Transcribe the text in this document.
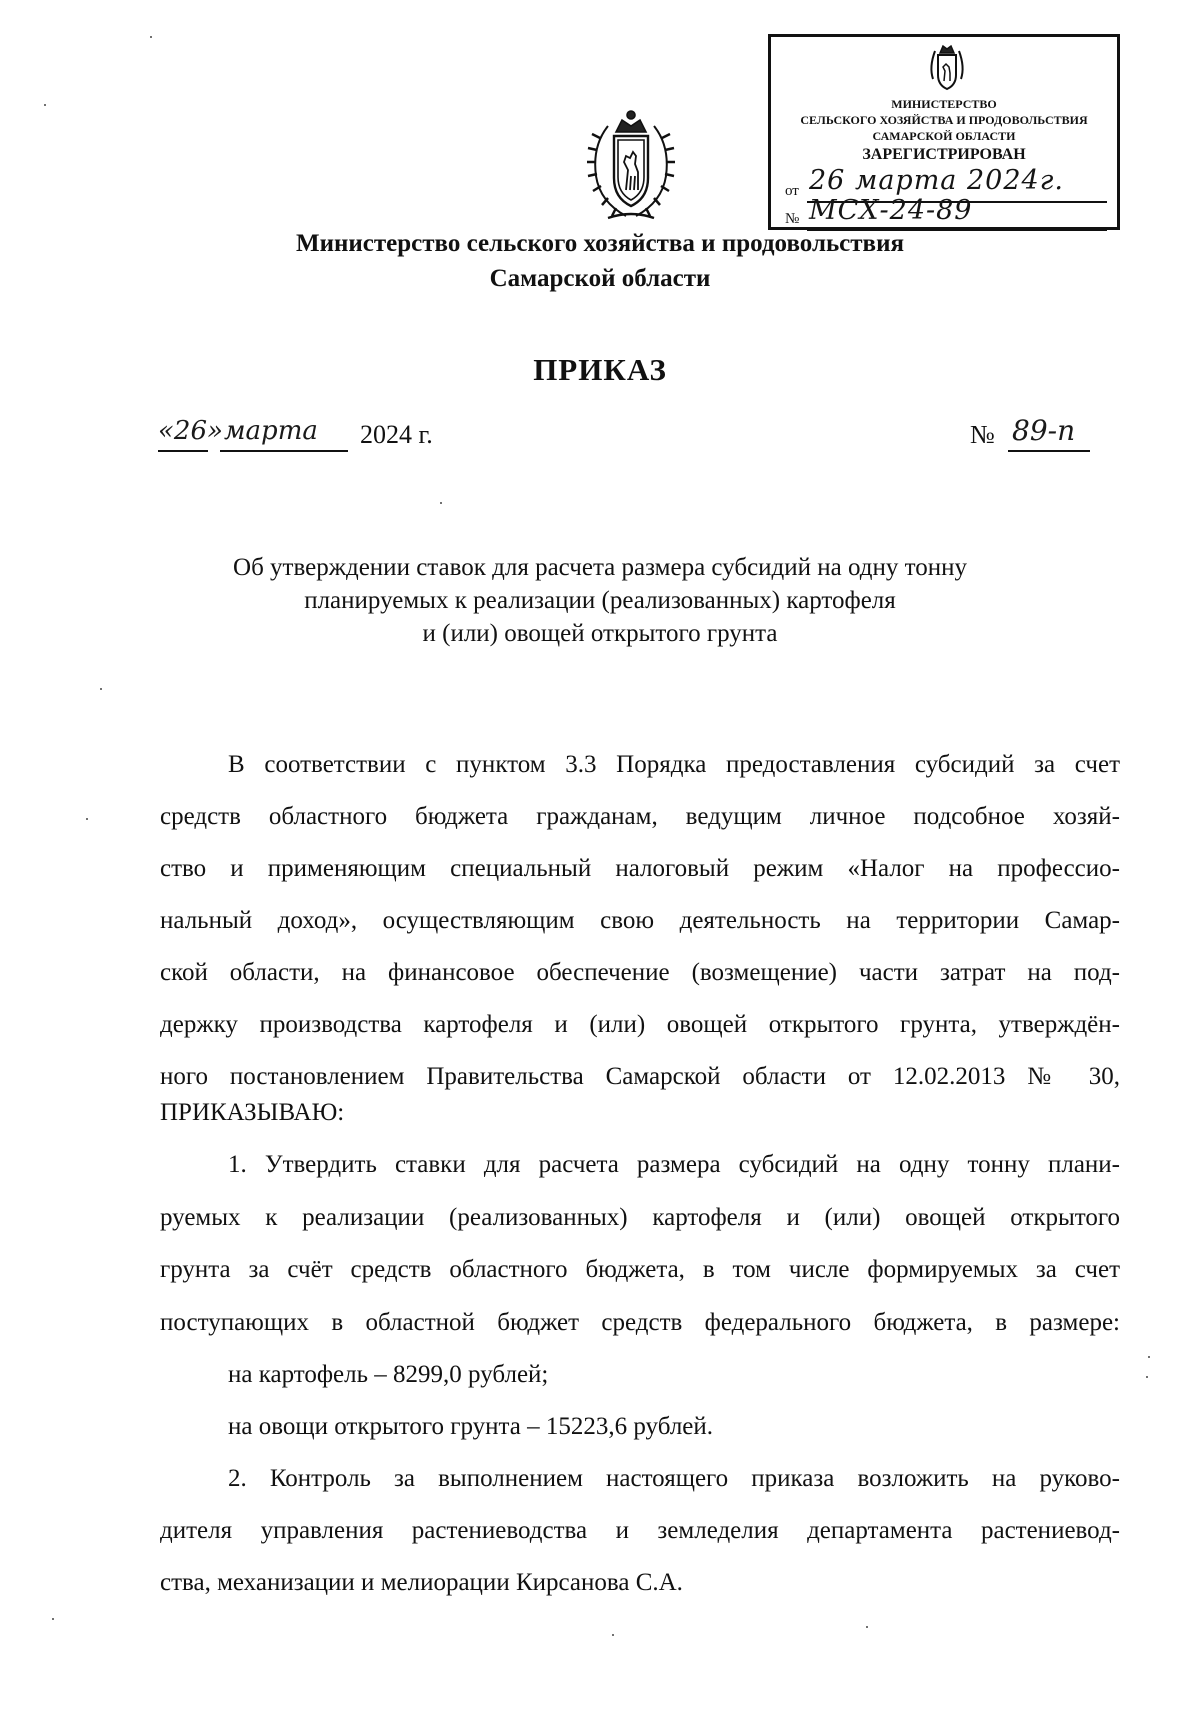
МИНИСТЕРСТВО
СЕЛЬСКОГО ХОЗЯЙСТВА И ПРОДОВОЛЬСТВИЯ
САМАРСКОЙ ОБЛАСТИ
ЗАРЕГИСТРИРОВАН
от 26 марта 2024г.
№ МСХ-24-89
Министерство сельского хозяйства и продовольствия
Самарской области
ПРИКАЗ
«26» марта 2024 г.	№ 89-п
Об утверждении ставок для расчета размера субсидий на одну тонну
планируемых к реализации (реализованных) картофеля
и (или) овощей открытого грунта
В соответствии с пунктом 3.3 Порядка предоставления субсидий за счет
средств областного бюджета гражданам, ведущим личное подсобное хозяй-
ство и применяющим специальный налоговый режим «Налог на профессио-
нальный доход», осуществляющим свою деятельность на территории Самар-
ской области, на финансовое обеспечение (возмещение) части затрат на под-
держку производства картофеля и (или) овощей открытого грунта, утверждён-
ного постановлением Правительства Самарской области от 12.02.2013 № 30,
ПРИКАЗЫВАЮ:
1. Утвердить ставки для расчета размера субсидий на одну тонну плани-
руемых к реализации (реализованных) картофеля и (или) овощей открытого
грунта за счёт средств областного бюджета, в том числе формируемых за счет
поступающих в областной бюджет средств федерального бюджета, в размере:
на картофель – 8299,0 рублей;
на овощи открытого грунта – 15223,6 рублей.
2. Контроль за выполнением настоящего приказа возложить на руково-
дителя управления растениеводства и земледелия департамента растениевод-
ства, механизации и мелиорации Кирсанова С.А.
